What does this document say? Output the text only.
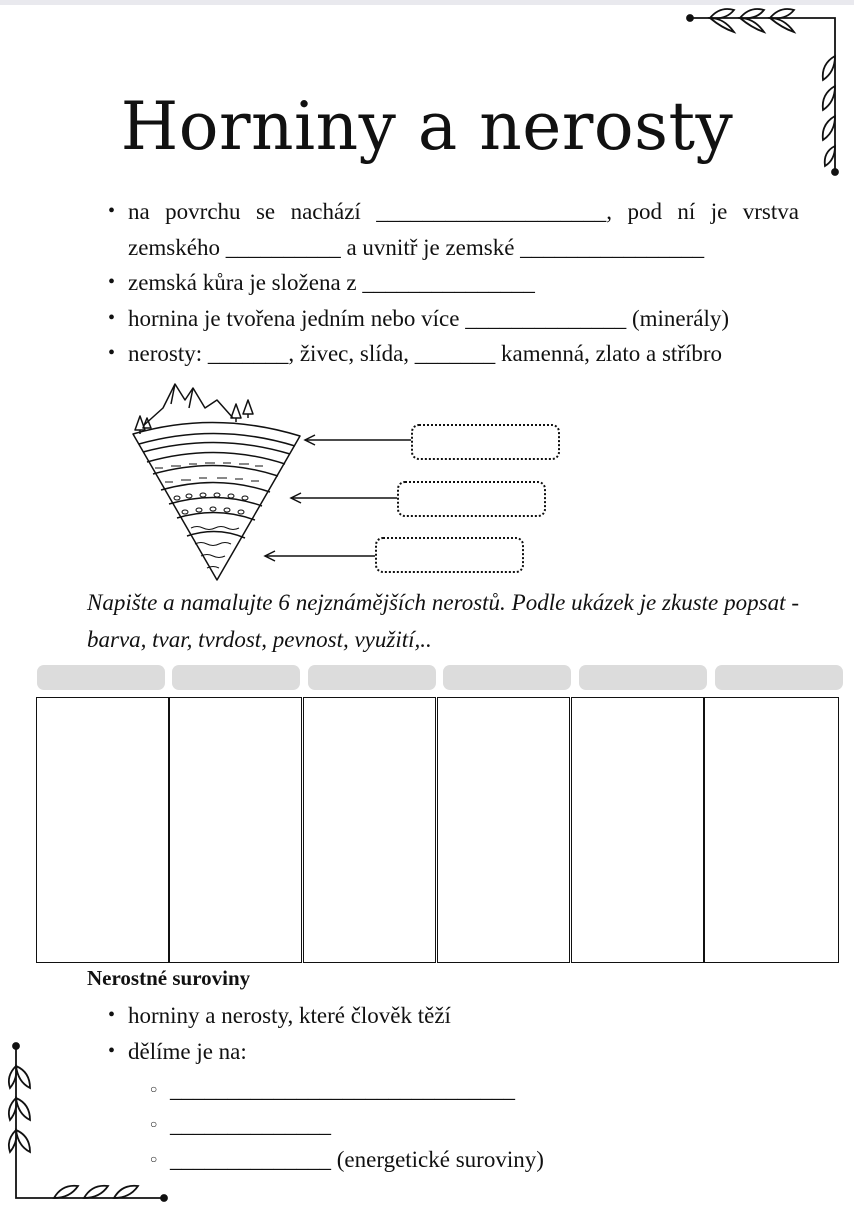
Horniny a nerosty
• na povrchu se nachází ____________________, pod ní je vrstva zemského __________ a uvnitř je zemské ________________
• zemská kůra je složena z _______________
• hornina je tvořena jedním nebo více ______________ (minerály)
• nerosty: _______, živec, slída, _______ kamenná, zlato a stříbro

Napište a namalujte 6 nejznámějších nerostů. Podle ukázek je zkuste popsat - barva, tvar, tvrdost, pevnost, využití,..

Nerostné suroviny

• horniny a nerosty, které člověk těží
• dělíme je na:
○ ______________________________
○ ______________
○ ______________ (energetické suroviny)
